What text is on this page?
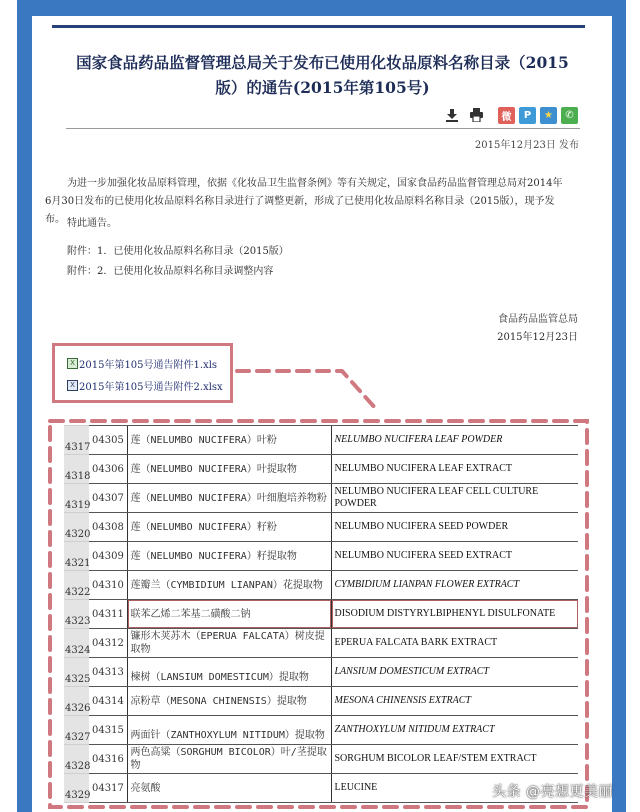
国家食品药品监督管理总局关于发布已使用化妆品原料名称目录（2015
版）的通告(2015年第105号)
微	P	★	✆
2015年12月23日 发布
为进一步加强化妆品原料管理，依据《化妆品卫生监督条例》等有关规定，国家食品药品监督管理总局对2014年6月30日发布的已使用化妆品原料名称目录进行了调整更新，形成了已使用化妆品原料名称目录（2015版），现予发布。 特此通告。
附件：1．已使用化妆品原料名称目录（2015版）
附件：2．已使用化妆品原料名称目录调整内容
食品药品监管总局
2015年12月23日
X 2015年第105号通告附件1.xls
X 2015年第105号通告附件2.xlsx
4317	04305	莲（NELUMBO NUCIFERA）叶粉	NELUMBO NUCIFERA LEAF POWDER
4318	04306	莲（NELUMBO NUCIFERA）叶提取物	NELUMBO NUCIFERA LEAF EXTRACT
4319	04307	莲（NELUMBO NUCIFERA）叶细胞培养物粉	NELUMBO NUCIFERA LEAF CELL CULTURE POWDER
4320	04308	莲（NELUMBO NUCIFERA）籽粉	NELUMBO NUCIFERA SEED POWDER
4321	04309	莲（NELUMBO NUCIFERA）籽提取物	NELUMBO NUCIFERA SEED EXTRACT
4322	04310	莲瓣兰（CYMBIDIUM LIANPAN）花提取物	CYMBIDIUM LIANPAN FLOWER EXTRACT
4323	04311	联苯乙烯二苯基二磺酸二钠	DISODIUM DISTYRYLBIPHENYL DISULFONATE
4324	04312	镰形木荚苏木（EPERUA FALCATA）树皮提取物	EPERUA FALCATA BARK EXTRACT
4325	04313	楝树（LANSIUM DOMESTICUM）提取物	LANSIUM DOMESTICUM EXTRACT
4326	04314	凉粉草（MESONA CHINENSIS）提取物	MESONA CHINENSIS EXTRACT
4327	04315	两面针（ZANTHOXYLUM NITIDUM）提取物	ZANTHOXYLUM NITIDUM EXTRACT
4328	04316	两色高粱（SORGHUM BICOLOR）叶/茎提取物	SORGHUM BICOLOR LEAF/STEM EXTRACT
4329	04317	亮氨酸	LEUCINE	头条 @亮想更美丽
